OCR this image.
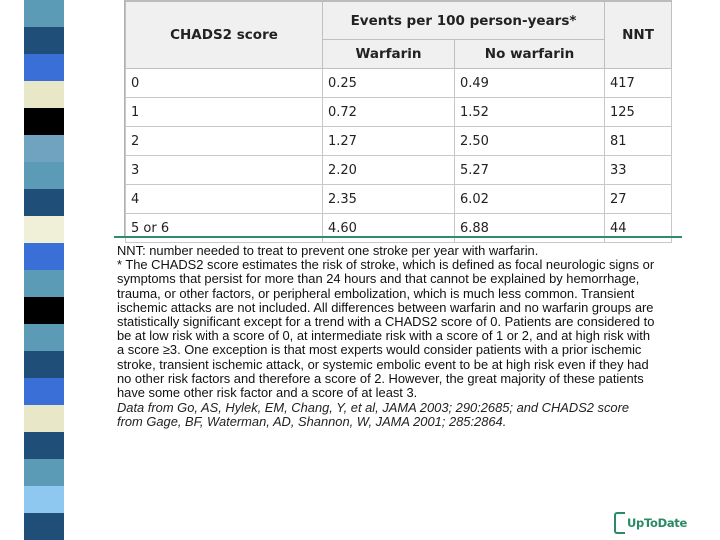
CHADS2 score	Events per 100 person-years*		NNT
	Warfarin	No warfarin	
0	0.25	0.49	417
1	0.72	1.52	125
2	1.27	2.50	81
3	2.20	5.27	33
4	2.35	6.02	27
5 or 6	4.60	6.88	44

NNT: number needed to treat to prevent one stroke per year with warfarin.

* The CHADS2 score estimates the risk of stroke, which is defined as focal neurologic signs or symptoms that persist for more than 24 hours and that cannot be explained by hemorrhage, trauma, or other factors, or peripheral embolization, which is much less common. Transient ischemic attacks are not included. All differences between warfarin and no warfarin groups are statistically significant except for a trend with a CHADS2 score of 0. Patients are considered to be at low risk with a score of 0, at intermediate risk with a score of 1 or 2, and at high risk with a score ≥3. One exception is that most experts would consider patients with a prior ischemic stroke, transient ischemic attack, or systemic embolic event to be at high risk even if they had no other risk factors and therefore a score of 2. However, the great majority of these patients have some other risk factor and a score of at least 3.

Data from Go, AS, Hylek, EM, Chang, Y, et al, JAMA 2003; 290:2685; and CHADS2 score from Gage, BF, Waterman, AD, Shannon, W, JAMA 2001; 285:2864.

UpToDate
